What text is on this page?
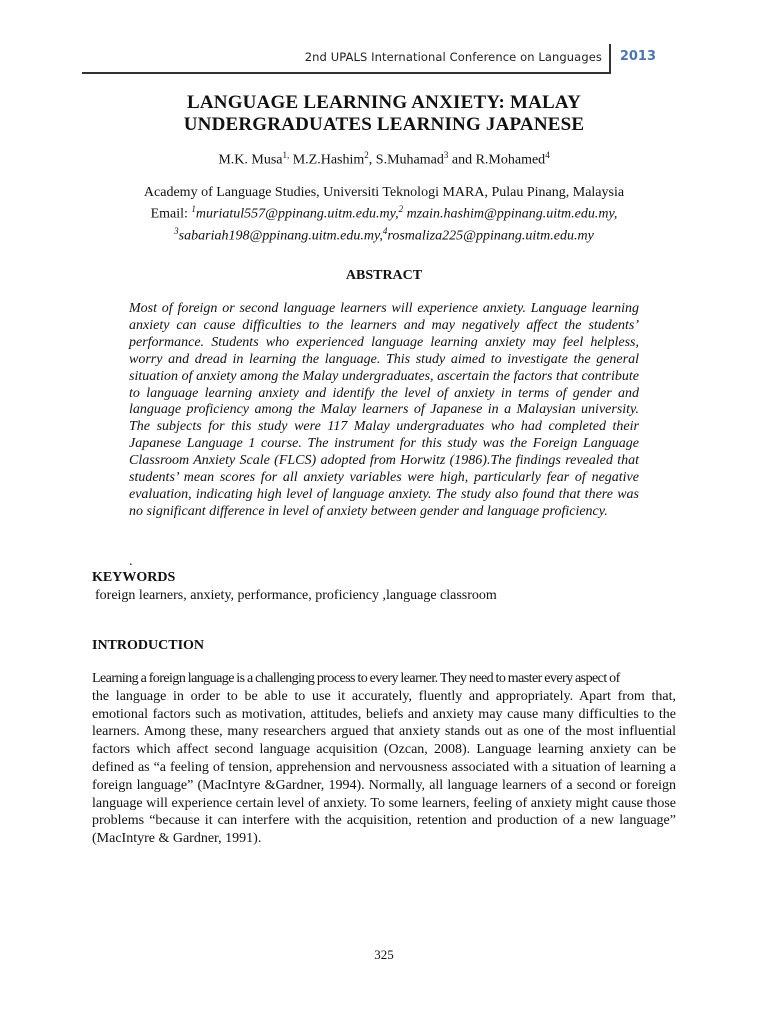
2nd UPALS International Conference on Languages 2013
LANGUAGE LEARNING ANXIETY: MALAY
UNDERGRADUATES LEARNING JAPANESE
M.K. Musa$^{1,}$ M.Z.Hashim$^2$, S.Muhamad$^3$ and R.Mohamed$^4$
Academy of Language Studies, Universiti Teknologi MARA, Pulau Pinang, Malaysia
Email: $^1$muriatul557@ppinang.uitm.edu.my,$^2$ mzain.hashim@ppinang.uitm.edu.my,
$^3$sabariah198@ppinang.uitm.edu.my,$^4$rosmaliza225@ppinang.uitm.edu.my
ABSTRACT
Most of foreign or second language learners will experience anxiety. Language learning anxiety can cause difficulties to the learners and may negatively affect the students’ performance. Students who experienced language learning anxiety may feel helpless, worry and dread in learning the language. This study aimed to investigate the general situation of anxiety among the Malay undergraduates, ascertain the factors that contribute to language learning anxiety and identify the level of anxiety in terms of gender and language proficiency among the Malay learners of Japanese in a Malaysian university. The subjects for this study were 117 Malay undergraduates who had completed their Japanese Language 1 course. The instrument for this study was the Foreign Language Classroom Anxiety Scale (FLCS) adopted from Horwitz (1986).The findings revealed that students’ mean scores for all anxiety variables were high, particularly fear of negative evaluation, indicating high level of language anxiety. The study also found that there was no significant difference in level of anxiety between gender and language proficiency.
.
KEYWORDS
foreign learners, anxiety, performance, proficiency ,language classroom
INTRODUCTION
Learning a foreign language is a challenging process to every learner. They need to master every aspect of
the language in order to be able to use it accurately, fluently and appropriately. Apart from that, emotional factors such as motivation, attitudes, beliefs and anxiety may cause many difficulties to the learners. Among these, many researchers argued that anxiety stands out as one of the most influential factors which affect second language acquisition (Ozcan, 2008). Language learning anxiety can be defined as “a feeling of tension, apprehension and nervousness associated with a situation of learning a foreign language” (MacIntyre &Gardner, 1994). Normally, all language learners of a second or foreign language will experience certain level of anxiety. To some learners, feeling of anxiety might cause those problems “because it can interfere with the acquisition, retention and production of a new language” (MacIntyre & Gardner, 1991).
325
